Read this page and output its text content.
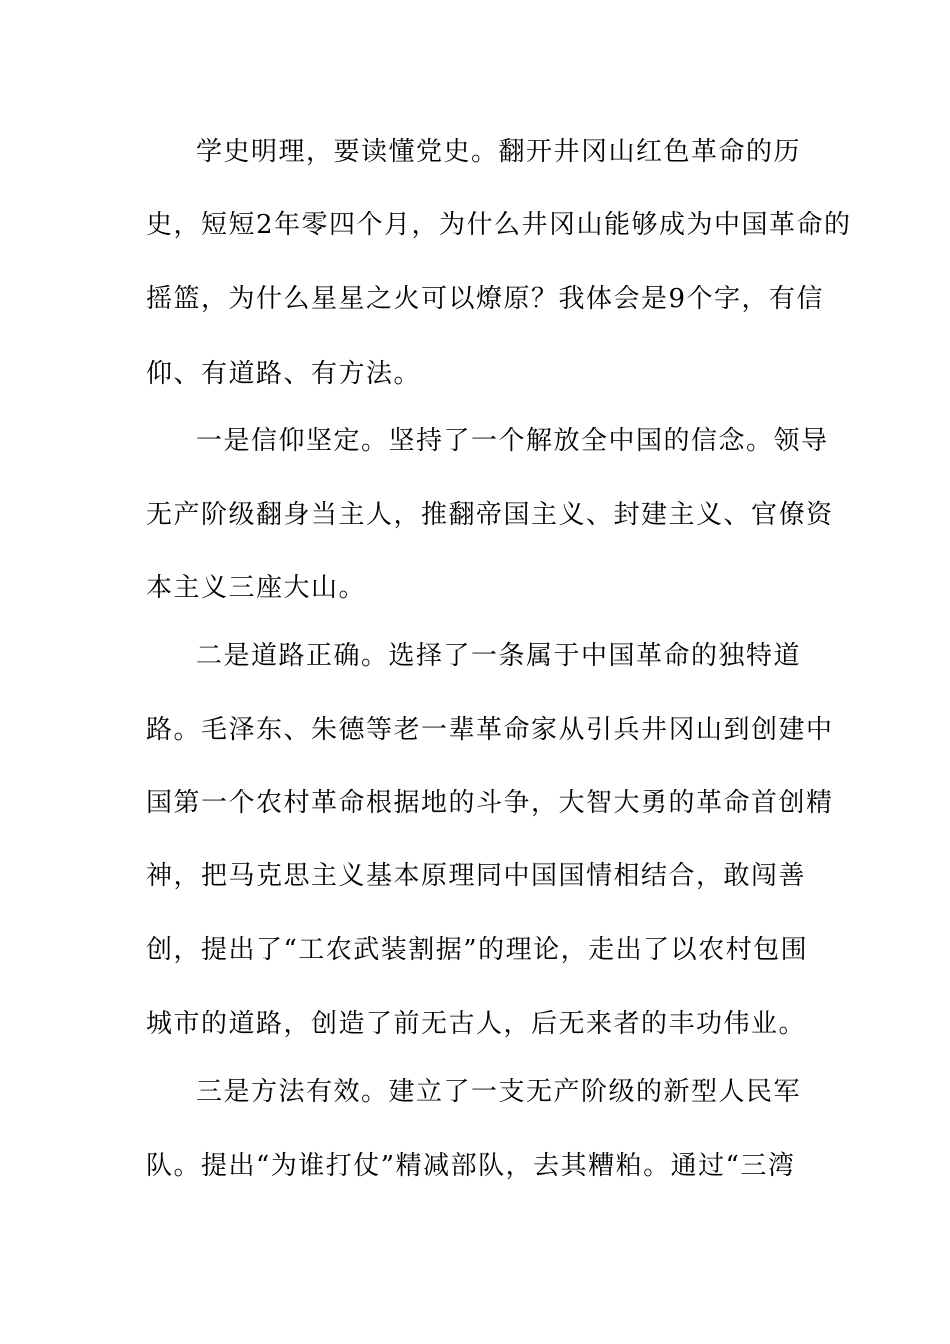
学史明理，要读懂党史。翻开井冈山红色革命的历
史，短短2年零四个月，为什么井冈山能够成为中国革命的
摇篮，为什么星星之火可以燎原？我体会是9个字，有信
仰、有道路、有方法。
一是信仰坚定。坚持了一个解放全中国的信念。领导
无产阶级翻身当主人，推翻帝国主义、封建主义、官僚资
本主义三座大山。
二是道路正确。选择了一条属于中国革命的独特道
路。毛泽东、朱德等老一辈革命家从引兵井冈山到创建中
国第一个农村革命根据地的斗争，大智大勇的革命首创精
神，把马克思主义基本原理同中国国情相结合，敢闯善
创，提出了“工农武装割据”的理论，走出了以农村包围
城市的道路，创造了前无古人，后无来者的丰功伟业。
三是方法有效。建立了一支无产阶级的新型人民军
队。提出“为谁打仗”精减部队，去其糟粕。通过“三湾
